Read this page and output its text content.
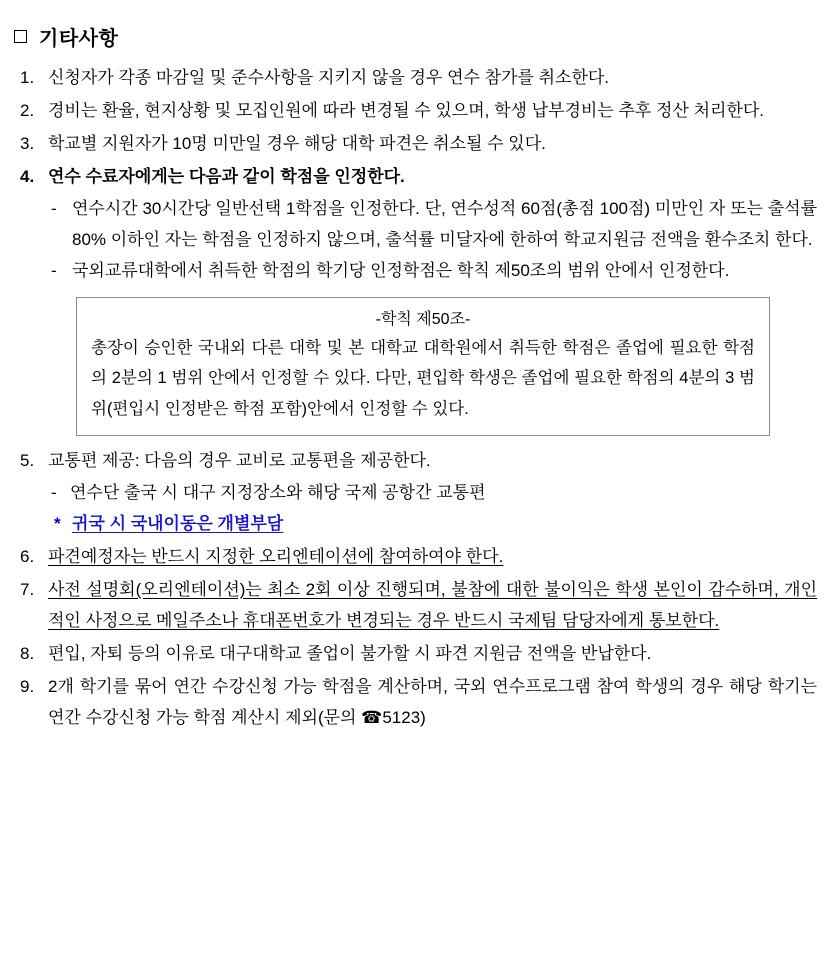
기타사항
1. 신청자가 각종 마감일 및 준수사항을 지키지 않을 경우 연수 참가를 취소한다.
2. 경비는 환율, 현지상황 및 모집인원에 따라 변경될 수 있으며, 학생 납부경비는 추후 정산 처리한다.
3. 학교별 지원자가 10명 미만일 경우 해당 대학 파견은 취소될 수 있다.
4. 연수 수료자에게는 다음과 같이 학점을 인정한다.
- 연수시간 30시간당 일반선택 1학점을 인정한다. 단, 연수성적 60점(총점 100점) 미만인 자 또는 출석률 80% 이하인 자는 학점을 인정하지 않으며, 출석률 미달자에 한하여 학교지원금 전액을 환수조치 한다.
- 국외교류대학에서 취득한 학점의 학기당 인정학점은 학칙 제50조의 범위 안에서 인정한다.
-학칙 제50조-
총장이 승인한 국내외 다른 대학 및 본 대학교 대학원에서 취득한 학점은 졸업에 필요한 학점의 2분의 1 범위 안에서 인정할 수 있다. 다만, 편입학 학생은 졸업에 필요한 학점의 4분의 3 범위(편입시 인정받은 학점 포함)안에서 인정할 수 있다.
5. 교통편 제공: 다음의 경우 교비로 교통편을 제공한다.
- 연수단 출국 시 대구 지정장소와 해당 국제 공항간 교통편
* 귀국 시 국내이동은 개별부담
6. 파견예정자는 반드시 지정한 오리엔테이션에 참여하여야 한다.
7. 사전 설명회(오리엔테이션)는 최소 2회 이상 진행되며, 불참에 대한 불이익은 학생 본인이 감수하며, 개인적인 사정으로 메일주소나 휴대폰번호가 변경되는 경우 반드시 국제팀 담당자에게 통보한다.
8. 편입, 자퇴 등의 이유로 대구대학교 졸업이 불가할 시 파견 지원금 전액을 반납한다.
9. 2개 학기를 묶어 연간 수강신청 가능 학점을 계산하며, 국외 연수프로그램 참여 학생의 경우 해당 학기는 연간 수강신청 가능 학점 계산시 제외(문의 ☎5123)
